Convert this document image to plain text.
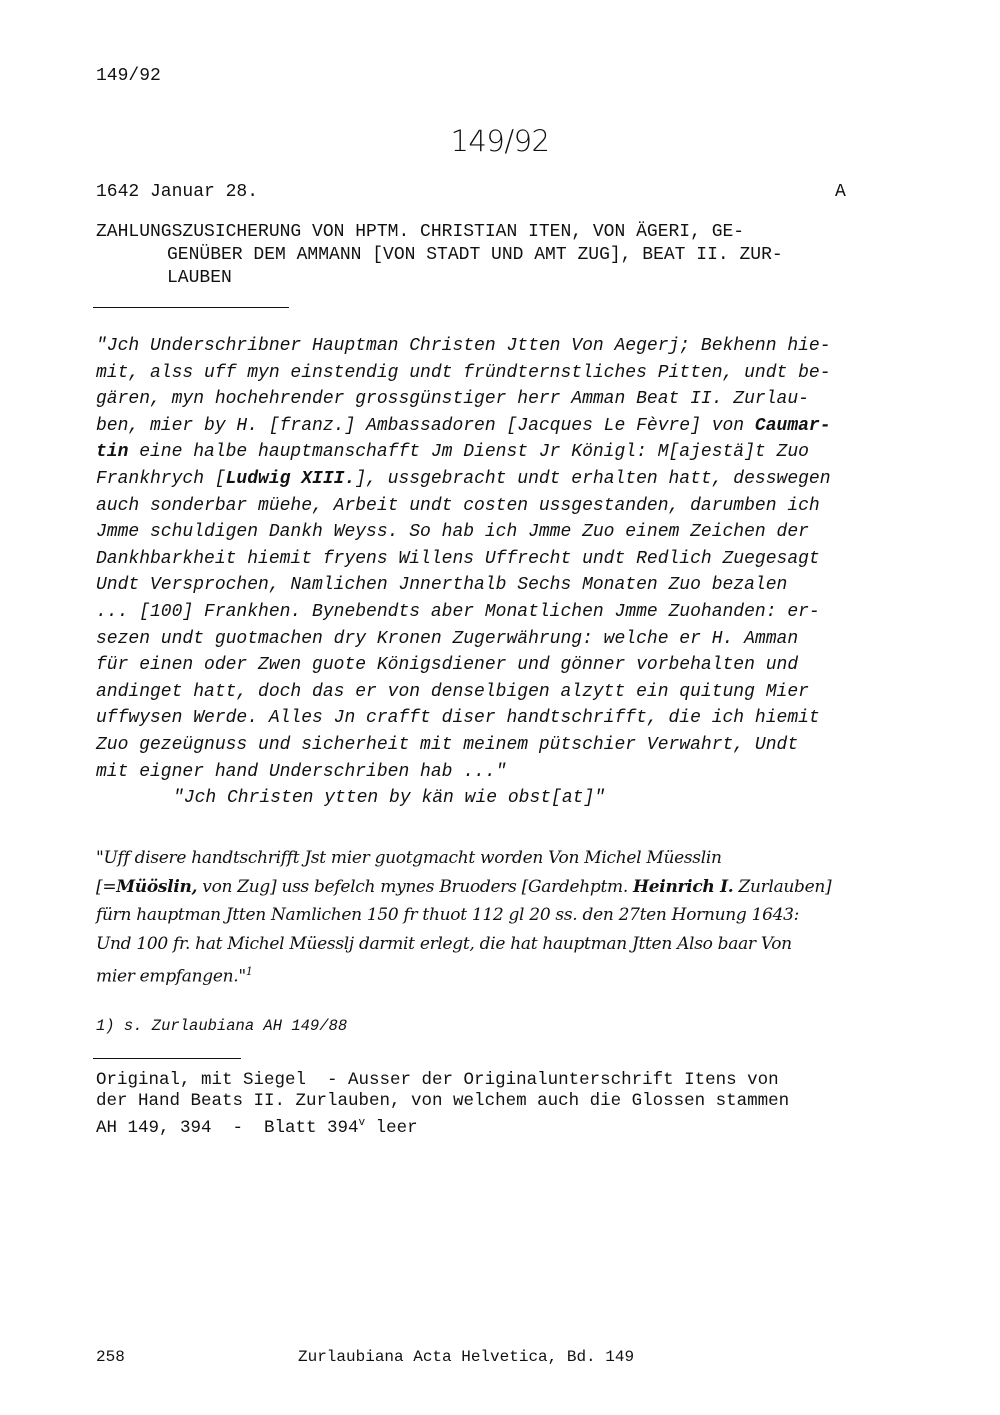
149/92
149/92
1642 Januar 28.	A
ZAHLUNGSZUSICHERUNG VON HPTM. CHRISTIAN ITEN, VON ÄGERI, GE-
GENÜBER DEM AMMANN [VON STADT UND AMT ZUG], BEAT II. ZUR-
LAUBEN
"Jch Underschribner Hauptman Christen Jtten Von Aegerj; Bekhenn hie-
mit, alss uff myn einstendig undt fründternstliches Pitten, undt be-
gären, myn hochehrender grossgünstiger herr Amman Beat II. Zurlau-
ben, mier by H. [franz.] Ambassadoren [Jacques Le Fèvre] von Caumar-
tin eine halbe hauptmanschafft Jm Dienst Jr Königl: M[ajestä]t Zuo
Frankhrych [Ludwig XIII.], ussgebracht undt erhalten hatt, desswegen
auch sonderbar müehe, Arbeit undt costen ussgestanden, darumben ich
Jmme schuldigen Dankh Weyss. So hab ich Jmme Zuo einem Zeichen der
Dankhbarkheit hiemit fryens Willens Uffrecht undt Redlich Zuegesagt
Undt Versprochen, Namlichen Jnnerthalb Sechs Monaten Zuo bezalen
... [100] Frankhen. Bynebendts aber Monatlichen Jmme Zuohanden: er-
sezen undt guotmachen dry Kronen Zugerwährung: welche er H. Amman
für einen oder Zwen guote Königsdiener und gönner vorbehalten und
andinget hatt, doch das er von denselbigen alzytt ein quitung Mier
uffwysen Werde. Alles Jn crafft diser handtschrifft, die ich hiemit
Zuo gezeügnuss und sicherheit mit meinem pütschier Verwahrt, Undt
mit eigner hand Underschriben hab ..."
"Jch Christen ytten by kän wie obst[at]"
"Uff disere handtschrifft Jst mier guotgmacht worden Von Michel Müesslin
[=Müöslin, von Zug] uss befelch mynes Bruoders [Gardehptm. Heinrich I. Zurlauben]
fürn hauptman Jtten Namlichen 150 fr thuot 112 gl 20 ss. den 27ten Hornung 1643:
Und 100 fr. hat Michel Müesslj darmit erlegt, die hat hauptman Jtten Also baar Von
mier empfangen."$^1$
1) s. Zurlaubiana AH 149/88
Original, mit Siegel  - Ausser der Originalunterschrift Itens von
der Hand Beats II. Zurlauben, von welchem auch die Glossen stammen
AH 149, 394  -  Blatt 394$^v$ leer
258	Zurlaubiana Acta Helvetica, Bd. 149
